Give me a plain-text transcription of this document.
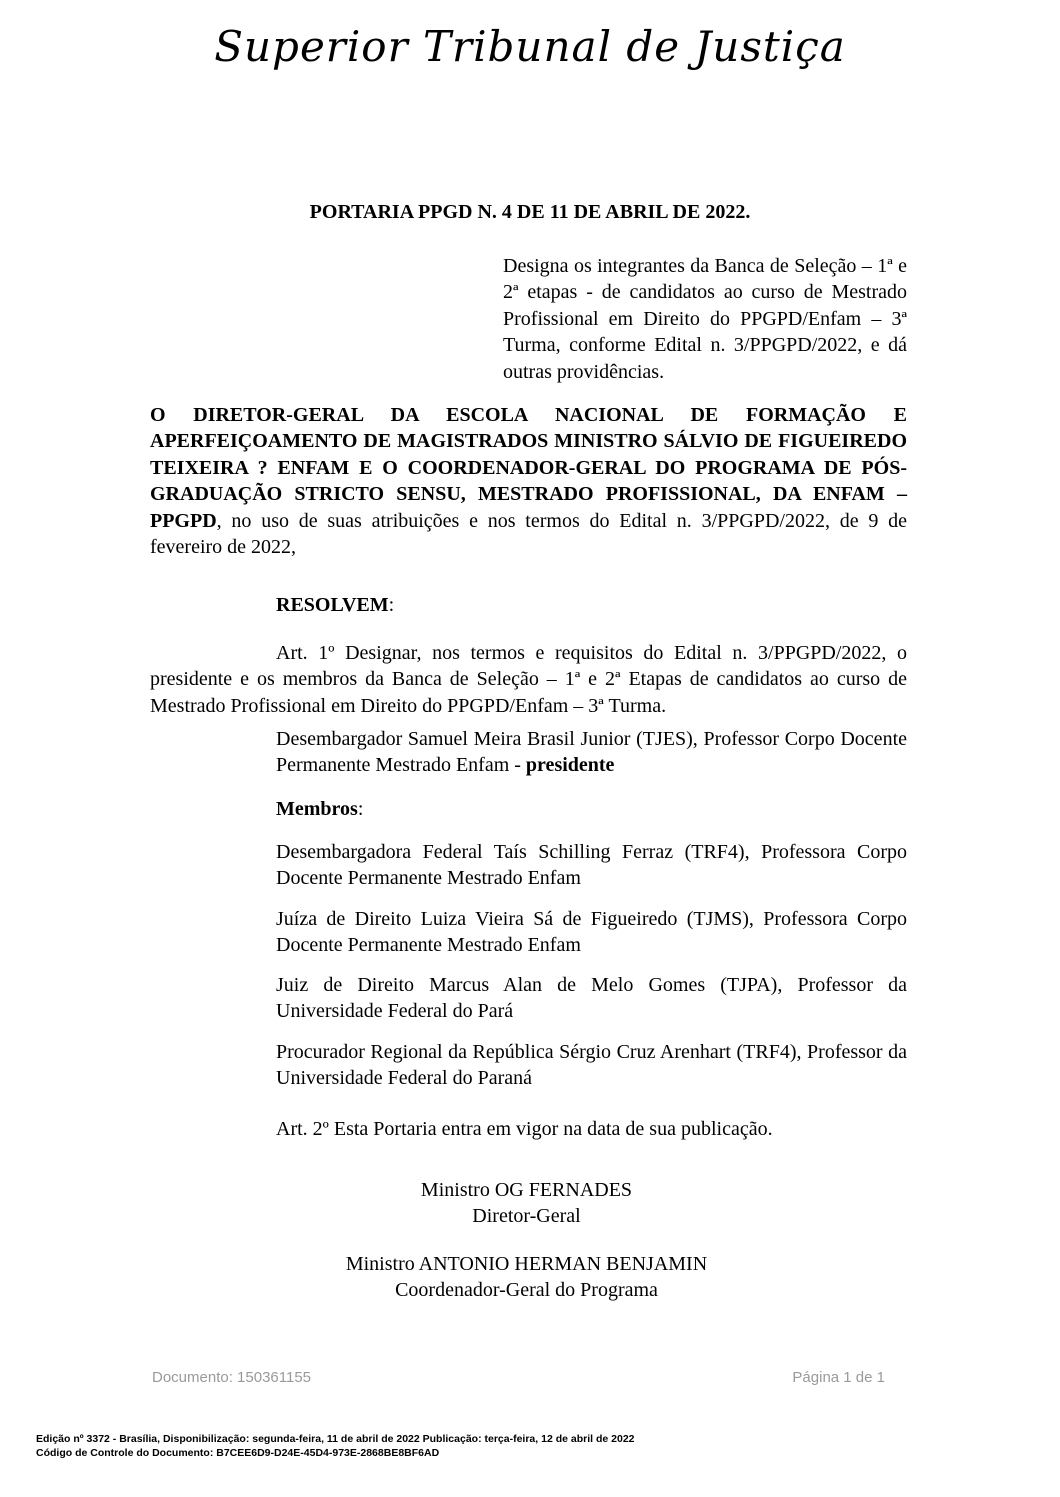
Superior Tribunal de Justiça
PORTARIA PPGD N. 4 DE 11 DE ABRIL DE 2022.
Designa os integrantes da Banca de Seleção – 1ª e 2ª etapas - de candidatos ao curso de Mestrado Profissional em Direito do PPGPD/Enfam – 3ª Turma, conforme Edital n. 3/PPGPD/2022, e dá outras providências.
O DIRETOR-GERAL DA ESCOLA NACIONAL DE FORMAÇÃO E APERFEIÇOAMENTO DE MAGISTRADOS MINISTRO SÁLVIO DE FIGUEIREDO TEIXEIRA ? ENFAM E O COORDENADOR-GERAL DO PROGRAMA DE PÓS-GRADUAÇÃO STRICTO SENSU, MESTRADO PROFISSIONAL, DA ENFAM – PPGPD, no uso de suas atribuições e nos termos do Edital n. 3/PPGPD/2022, de 9 de fevereiro de 2022,
RESOLVEM:
Art. 1º Designar, nos termos e requisitos do Edital n. 3/PPGPD/2022, o presidente e os membros da Banca de Seleção – 1ª e 2ª Etapas de candidatos ao curso de Mestrado Profissional em Direito do PPGPD/Enfam – 3ª Turma.
Desembargador Samuel Meira Brasil Junior (TJES), Professor Corpo Docente Permanente Mestrado Enfam - presidente
Membros:
Desembargadora Federal Taís Schilling Ferraz (TRF4), Professora Corpo Docente Permanente Mestrado Enfam
Juíza de Direito Luiza Vieira Sá de Figueiredo (TJMS), Professora Corpo Docente Permanente Mestrado Enfam
Juiz de Direito Marcus Alan de Melo Gomes (TJPA), Professor da Universidade Federal do Pará
Procurador Regional da República Sérgio Cruz Arenhart (TRF4), Professor da Universidade Federal do Paraná
Art. 2º Esta Portaria entra em vigor na data de sua publicação.
Ministro OG FERNADES
Diretor-Geral
Ministro ANTONIO HERMAN BENJAMIN
Coordenador-Geral do Programa
Documento: 150361155	Página 1 de 1
Edição nº 3372 - Brasília, Disponibilização: segunda-feira, 11 de abril de 2022 Publicação: terça-feira, 12 de abril de 2022
Código de Controle do Documento: B7CEE6D9-D24E-45D4-973E-2868BE8BF6AD
